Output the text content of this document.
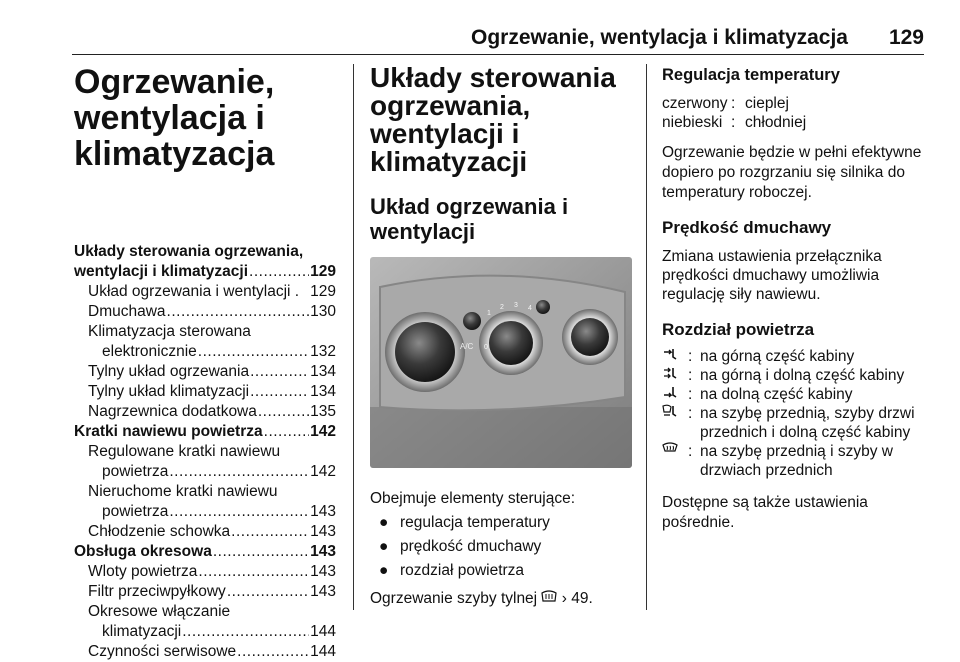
Ogrzewanie, wentylacja i klimatyzacja 129
Ogrzewanie,
wentylacja i
klimatyzacja
Układy sterowania ogrzewania,
wentylacji i klimatyzacji .....	129
Układ ogrzewania i wentylacji . 129
Dmuchawa .....	130
Klimatyzacja sterowana
elektronicznie .....	132
Tylny układ ogrzewania .....	134
Tylny układ klimatyzacji .....	134
Nagrzewnica dodatkowa .....	135
Kratki nawiewu powietrza .....	142
Regulowane kratki nawiewu
powietrza .....	142
Nieruchome kratki nawiewu
powietrza .....	143
Chłodzenie schowka .....	143
Obsługa okresowa .....	143
Wloty powietrza .....	143
Filtr przeciwpyłkowy .....	143
Okresowe włączanie
klimatyzacji .....	144
Czynności serwisowe .....	144
Układy sterowania
ogrzewania, wentylacji i
klimatyzacji
Układ ogrzewania i
wentylacji
A/C
1
2 3 4
0

Obejmuje elementy sterujące:

● regulacja temperatury
● prędkość dmuchawy
● rozdział powietrza

Ogrzewanie szyby tylnej › 49.

Regulacja temperatury
czerwony : cieplej
niebieski : chłodniej

Ogrzewanie będzie w pełni efektywne
dopiero po rozgrzaniu się silnika do
temperatury roboczej.

Prędkość dmuchawy

Zmiana ustawienia przełącznika
prędkości dmuchawy umożliwia
regulację siły nawiewu.

Rozdział powietrza
: na górną część kabiny
: na górną i dolną część kabiny
: na dolną część kabiny
: na szybę przednią, szyby drzwi
przednich i dolną część kabiny
: na szybę przednią i szyby w
drzwiach przednich

Dostępne są także ustawienia
pośrednie.
